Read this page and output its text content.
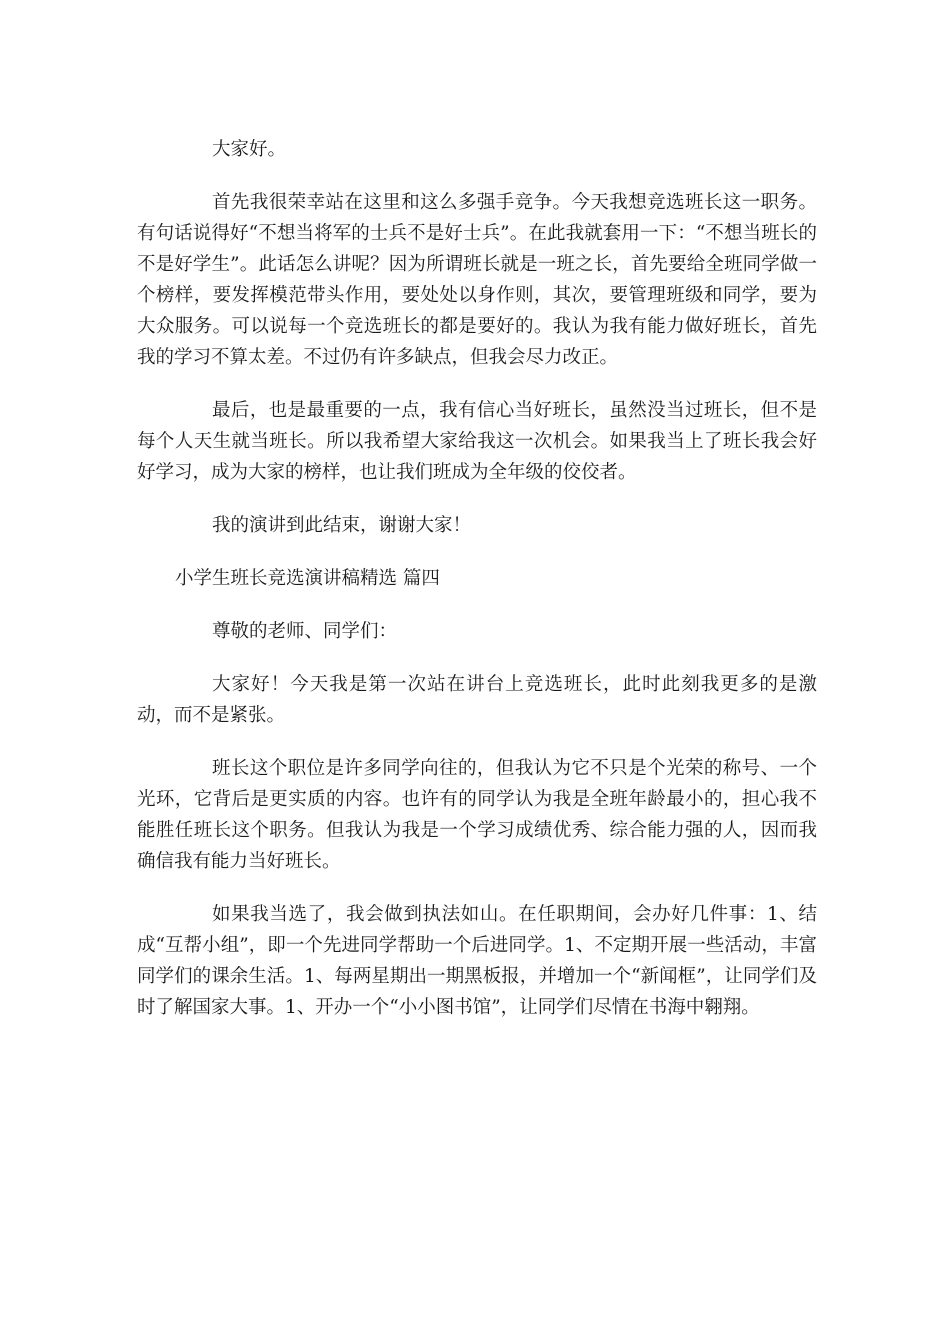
大家好。

首先我很荣幸站在这里和这么多强手竞争。今天我想竞选班长这一职务。有句话说得好“不想当将军的士兵不是好士兵”。在此我就套用一下：“不想当班长的不是好学生”。此话怎么讲呢？因为所谓班长就是一班之长，首先要给全班同学做一个榜样，要发挥模范带头作用，要处处以身作则，其次，要管理班级和同学，要为大众服务。可以说每一个竞选班长的都是要好的。我认为我有能力做好班长，首先我的学习不算太差。不过仍有许多缺点，但我会尽力改正。

最后，也是最重要的一点，我有信心当好班长，虽然没当过班长，但不是每个人天生就当班长。所以我希望大家给我这一次机会。如果我当上了班长我会好好学习，成为大家的榜样，也让我们班成为全年级的佼佼者。

我的演讲到此结束，谢谢大家！

小学生班长竞选演讲稿精选 篇四

尊敬的老师、同学们：

大家好！今天我是第一次站在讲台上竞选班长，此时此刻我更多的是激动，而不是紧张。

班长这个职位是许多同学向往的，但我认为它不只是个光荣的称号、一个光环，它背后是更实质的内容。也许有的同学认为我是全班年龄最小的，担心我不能胜任班长这个职务。但我认为我是一个学习成绩优秀、综合能力强的人，因而我确信我有能力当好班长。

如果我当选了，我会做到执法如山。在任职期间，会办好几件事：1、结成“互帮小组”，即一个先进同学帮助一个后进同学。1、不定期开展一些活动，丰富同学们的课余生活。1、每两星期出一期黑板报，并增加一个“新闻框”，让同学们及时了解国家大事。1、开办一个“小小图书馆”，让同学们尽情在书海中翱翔。
